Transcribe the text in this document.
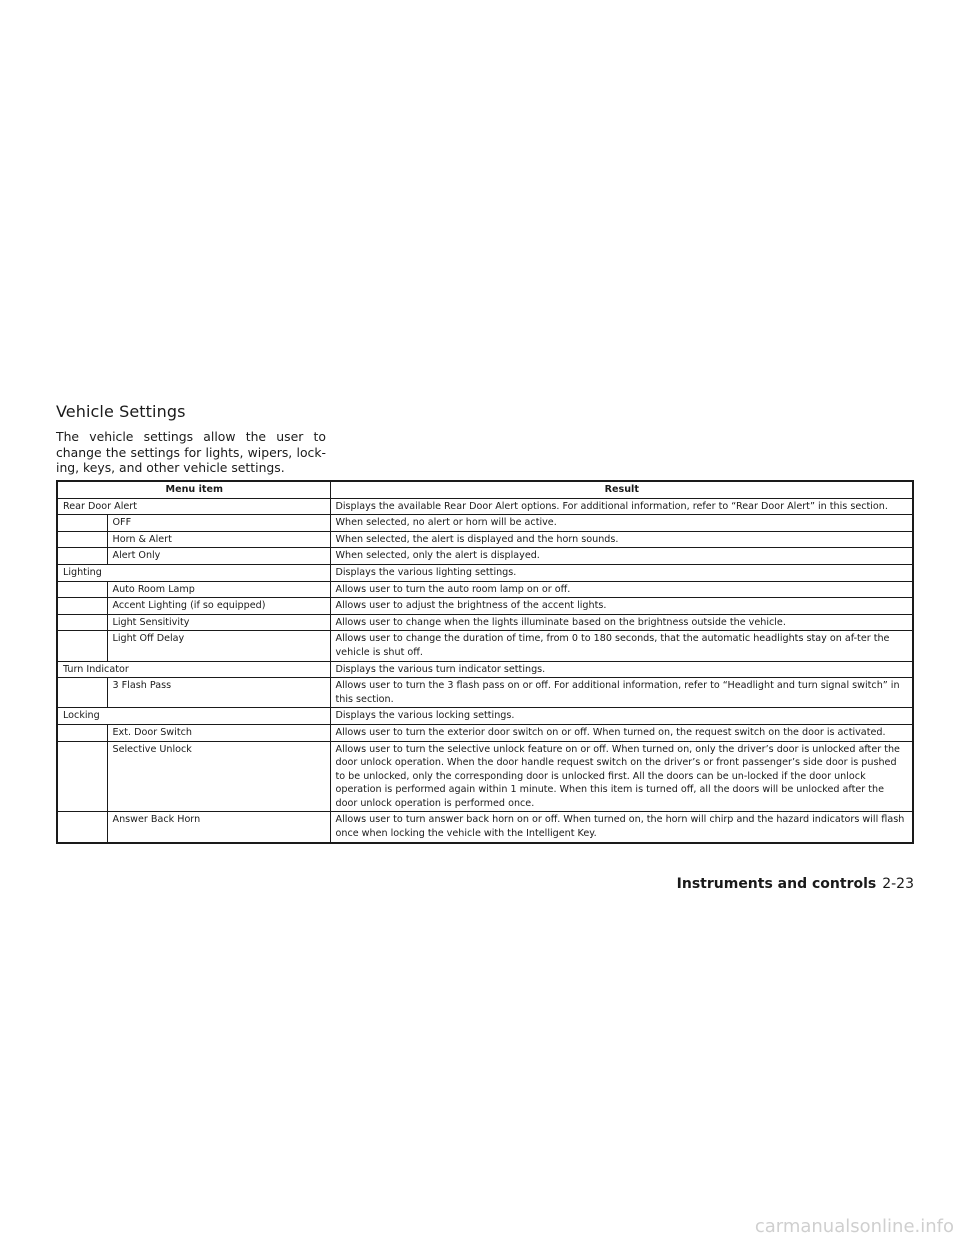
Vehicle Settings

The vehicle settings allow the user to change the settings for lights, wipers, lock-ing, keys, and other vehicle settings.

Menu item		Result
Rear Door Alert		Displays the available Rear Door Alert options. For additional information, refer to “Rear Door Alert” in this section.
	OFF	When selected, no alert or horn will be active.
	Horn & Alert	When selected, the alert is displayed and the horn sounds.
	Alert Only	When selected, only the alert is displayed.
Lighting		Displays the various lighting settings.
	Auto Room Lamp	Allows user to turn the auto room lamp on or off.
	Accent Lighting (if so equipped)	Allows user to adjust the brightness of the accent lights.
	Light Sensitivity	Allows user to change when the lights illuminate based on the brightness outside the vehicle.
	Light Off Delay	Allows user to change the duration of time, from 0 to 180 seconds, that the automatic headlights stay on af-ter the vehicle is shut off.
Turn Indicator		Displays the various turn indicator settings.
	3 Flash Pass	Allows user to turn the 3 flash pass on or off. For additional information, refer to “Headlight and turn signal switch” in this section.
Locking		Displays the various locking settings.
	Ext. Door Switch	Allows user to turn the exterior door switch on or off. When turned on, the request switch on the door is activated.
	Selective Unlock	Allows user to turn the selective unlock feature on or off. When turned on, only the driver’s door is unlocked after the door unlock operation. When the door handle request switch on the driver’s or front passenger’s side door is pushed to be unlocked, only the corresponding door is unlocked first. All the doors can be un-locked if the door unlock operation is performed again within 1 minute. When this item is turned off, all the doors will be unlocked after the door unlock operation is performed once.
	Answer Back Horn	Allows user to turn answer back horn on or off. When turned on, the horn will chirp and the hazard indicators will flash once when locking the vehicle with the Intelligent Key.
Instruments and controls 2-23
carmanualsonline.info
